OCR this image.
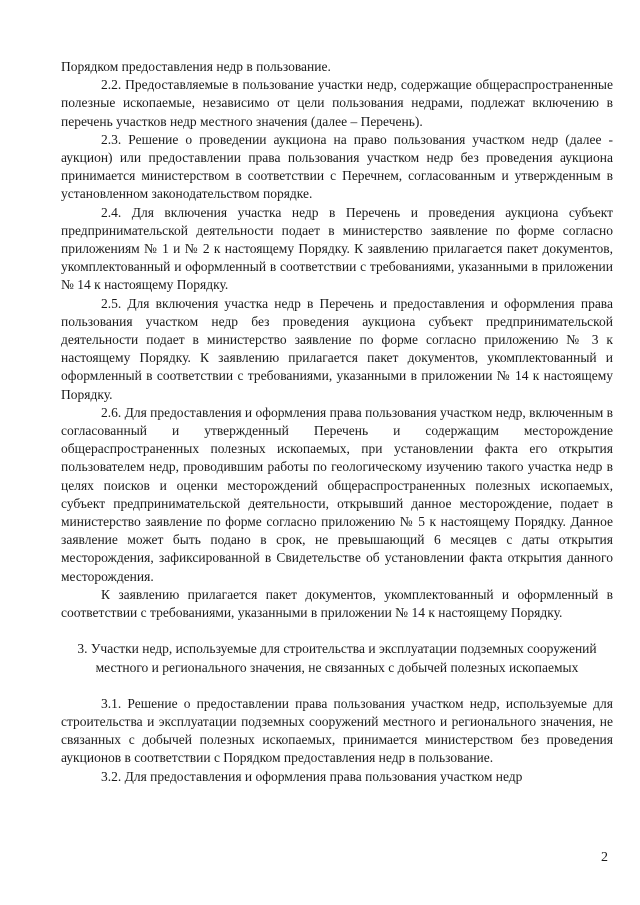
Порядком предоставления недр в пользование.

2.2. Предоставляемые в пользование участки недр, содержащие общераспространенные полезные ископаемые, независимо от цели пользования недрами, подлежат включению в перечень участков недр местного значения (далее – Перечень).

2.3. Решение о проведении аукциона на право пользования участком недр (далее - аукцион) или предоставлении права пользования участком недр без проведения аукциона принимается министерством в соответствии с Перечнем, согласованным и утвержденным в установленном законодательством порядке.

2.4. Для включения участка недр в Перечень и проведения аукциона субъект предпринимательской деятельности подает в министерство заявление по форме согласно приложениям № 1 и № 2 к настоящему Порядку. К заявлению прилагается пакет документов, укомплектованный и оформленный в соответствии с требованиями, указанными в приложении № 14 к настоящему Порядку.

2.5. Для включения участка недр в Перечень и предоставления и оформления права пользования участком недр без проведения аукциона субъект предпринимательской деятельности подает в министерство заявление по форме согласно приложению № 3 к настоящему Порядку. К заявлению прилагается пакет документов, укомплектованный и оформленный в соответствии с требованиями, указанными в приложении № 14 к настоящему Порядку.

2.6. Для предоставления и оформления права пользования участком недр, включенным в согласованный и утвержденный Перечень и содержащим месторождение общераспространенных полезных ископаемых, при установлении факта его открытия пользователем недр, проводившим работы по геологическому изучению такого участка недр в целях поисков и оценки месторождений общераспространенных полезных ископаемых, субъект предпринимательской деятельности, открывший данное месторождение, подает в министерство заявление по форме согласно приложению № 5 к настоящему Порядку. Данное заявление может быть подано в срок, не превышающий 6 месяцев с даты открытия месторождения, зафиксированной в Свидетельстве об установлении факта открытия данного месторождения.

К заявлению прилагается пакет документов, укомплектованный и оформленный в соответствии с требованиями, указанными в приложении № 14 к настоящему Порядку.

3. Участки недр, используемые для строительства и эксплуатации подземных сооружений местного и регионального значения, не связанных с добычей полезных ископаемых

3.1. Решение о предоставлении права пользования участком недр, используемые для строительства и эксплуатации подземных сооружений местного и регионального значения, не связанных с добычей полезных ископаемых, принимается министерством без проведения аукционов в соответствии с Порядком предоставления недр в пользование.

3.2. Для предоставления и оформления права пользования участком недр

2
